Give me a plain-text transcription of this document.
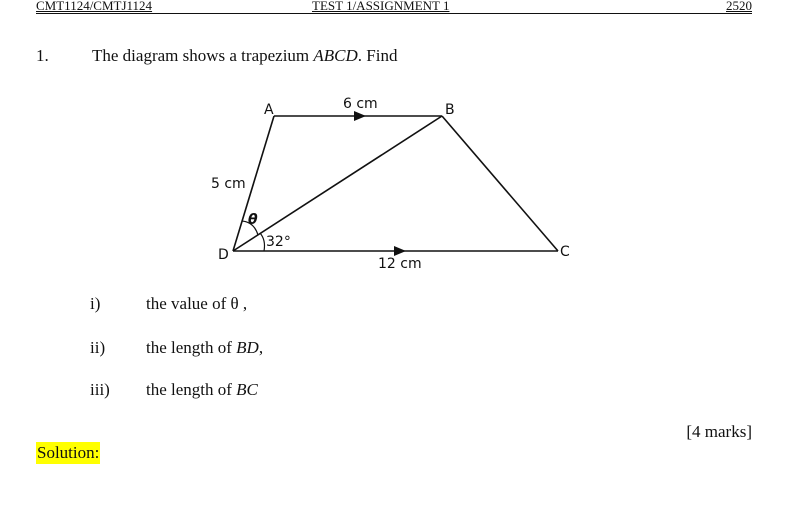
CMT1124/CMTJ1124	TEST 1/ASSIGNMENT 1	2520
1.	The diagram shows a trapezium ABCD. Find
A	B
C
D
6 cm
5 cm
12 cm
32°
θ
i)	the value of θ ,
ii) the length of BD,
iii) the length of BC
[4 marks]
Solution:
